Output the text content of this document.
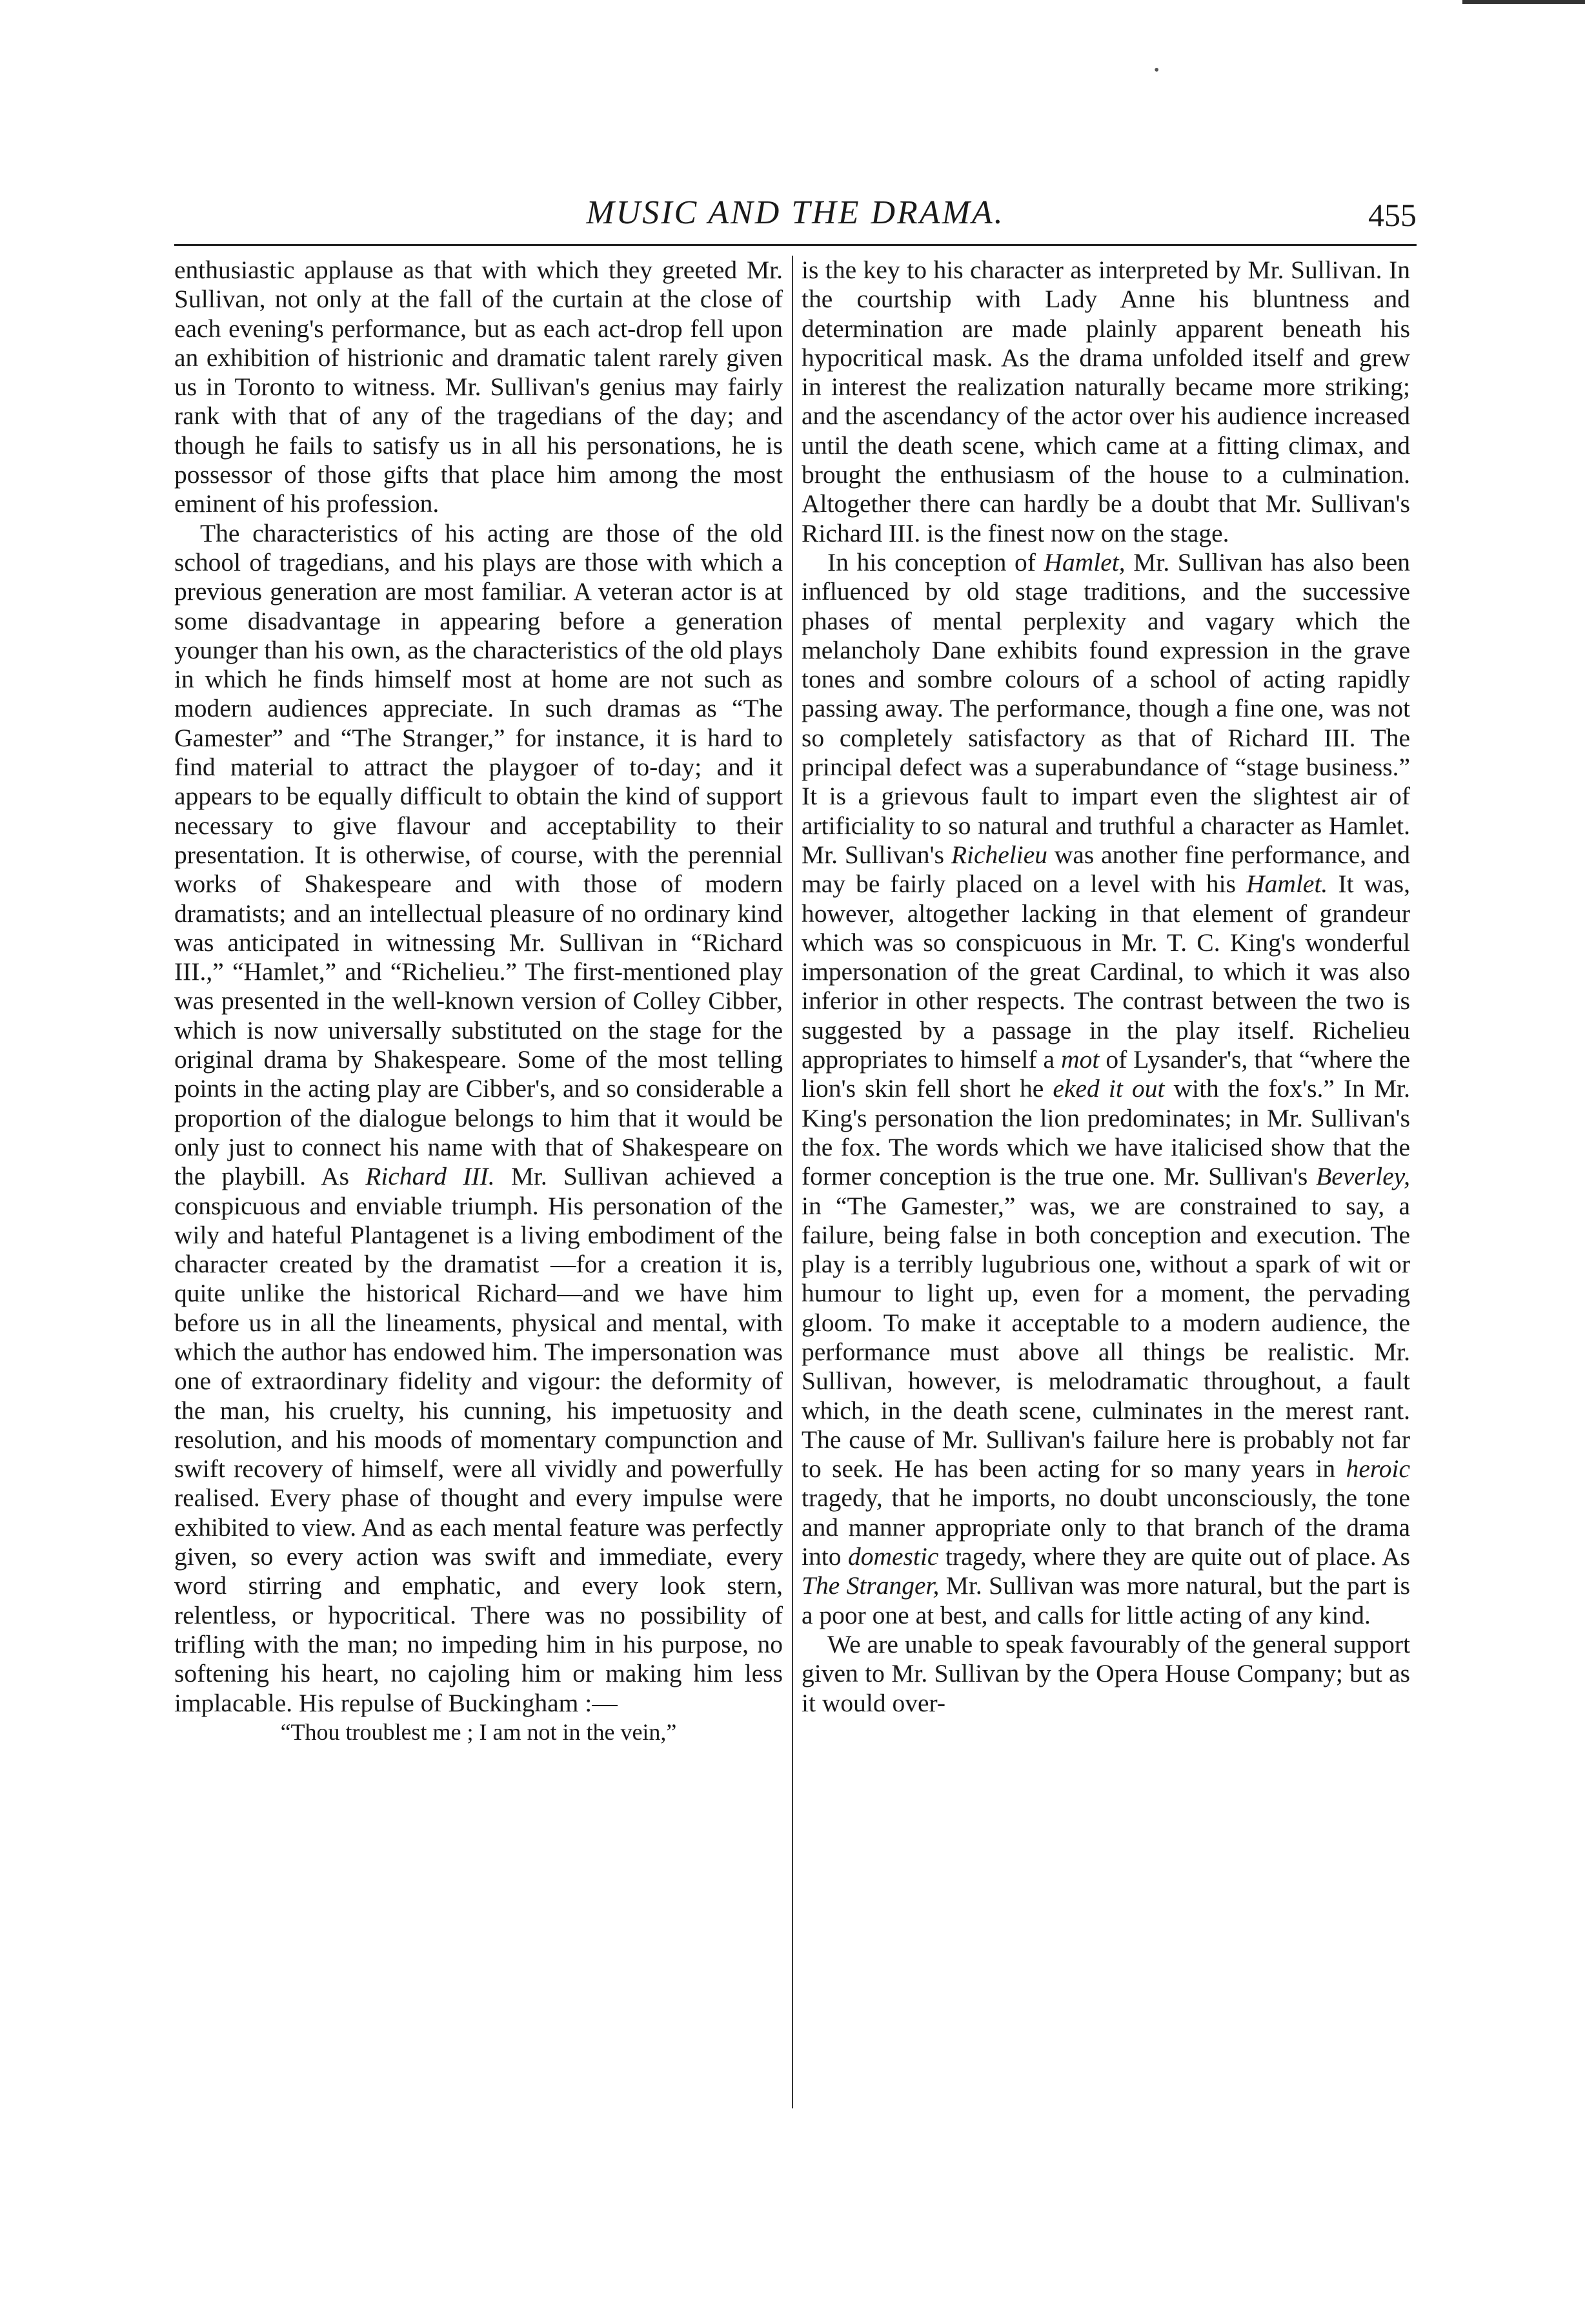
•
MUSIC AND THE DRAMA.	455

enthusiastic applause as that with which they greeted Mr. Sullivan, not only at the fall of the curtain at the close of each evening's performance, but as each act-drop fell upon an exhibition of histrionic and dramatic talent rarely given us in Toronto to witness. Mr. Sullivan's genius may fairly rank with that of any of the tragedians of the day; and though he fails to satisfy us in all his personations, he is possessor of those gifts that place him among the most eminent of his profession.

The characteristics of his acting are those of the old school of tragedians, and his plays are those with which a previous generation are most familiar. A veteran actor is at some disadvantage in appearing before a generation younger than his own, as the characteristics of the old plays in which he finds himself most at home are not such as modern audiences appreciate. In such dramas as “The Gamester” and “The Stranger,” for instance, it is hard to find material to attract the playgoer of to-day; and it appears to be equally difficult to obtain the kind of support necessary to give flavour and acceptability to their presentation. It is otherwise, of course, with the perennial works of Shakespeare and with those of modern dramatists; and an intellectual pleasure of no ordinary kind was anticipated in witnessing Mr. Sullivan in “Richard III.,” “Hamlet,” and “Richelieu.” The first-mentioned play was presented in the well-known version of Colley Cibber, which is now universally substituted on the stage for the original drama by Shakespeare. Some of the most telling points in the acting play are Cibber's, and so considerable a proportion of the dialogue belongs to him that it would be only just to connect his name with that of Shakespeare on the playbill. As Richard III. Mr. Sullivan achieved a conspicuous and enviable triumph. His personation of the wily and hateful Plantagenet is a living embodiment of the character created by the dramatist —for a creation it is, quite unlike the historical Richard—and we have him before us in all the lineaments, physical and mental, with which the author has endowed him. The impersonation was one of extraordinary fidelity and vigour: the deformity of the man, his cruelty, his cunning, his impetuosity and resolution, and his moods of momentary compunction and swift recovery of himself, were all vividly and powerfully realised. Every phase of thought and every impulse were exhibited to view. And as each mental feature was perfectly given, so every action was swift and immediate, every word stirring and emphatic, and every look stern, relentless, or hypocritical. There was no possibility of trifling with the man; no impeding him in his purpose, no softening his heart, no cajoling him or making him less implacable. His repulse of Buckingham :—

“Thou troublest me ; I am not in the vein,”

is the key to his character as interpreted by Mr. Sullivan. In the courtship with Lady Anne his bluntness and determination are made plainly apparent beneath his hypocritical mask. As the drama unfolded itself and grew in interest the realization naturally became more striking; and the ascendancy of the actor over his audience increased until the death scene, which came at a fitting climax, and brought the enthusiasm of the house to a culmination. Altogether there can hardly be a doubt that Mr. Sullivan's Richard III. is the finest now on the stage.

In his conception of Hamlet, Mr. Sullivan has also been influenced by old stage traditions, and the successive phases of mental perplexity and vagary which the melancholy Dane exhibits found expression in the grave tones and sombre colours of a school of acting rapidly passing away. The performance, though a fine one, was not so completely satisfactory as that of Richard III. The principal defect was a superabundance of “stage business.” It is a grievous fault to impart even the slightest air of artificiality to so natural and truthful a character as Hamlet. Mr. Sullivan's Richelieu was another fine performance, and may be fairly placed on a level with his Hamlet. It was, however, altogether lacking in that element of grandeur which was so conspicuous in Mr. T. C. King's wonderful impersonation of the great Cardinal, to which it was also inferior in other respects. The contrast between the two is suggested by a passage in the play itself. Richelieu appropriates to himself a mot of Lysander's, that “where the lion's skin fell short he eked it out with the fox's.” In Mr. King's personation the lion predominates; in Mr. Sullivan's the fox. The words which we have italicised show that the former conception is the true one. Mr. Sullivan's Beverley, in “The Gamester,” was, we are constrained to say, a failure, being false in both conception and execution. The play is a terribly lugubrious one, without a spark of wit or humour to light up, even for a moment, the pervading gloom. To make it acceptable to a modern audience, the performance must above all things be realistic. Mr. Sullivan, however, is melodramatic throughout, a fault which, in the death scene, culminates in the merest rant. The cause of Mr. Sullivan's failure here is probably not far to seek. He has been acting for so many years in heroic tragedy, that he imports, no doubt unconsciously, the tone and manner appropriate only to that branch of the drama into domestic tragedy, where they are quite out of place. As The Stranger, Mr. Sullivan was more natural, but the part is a poor one at best, and calls for little acting of any kind.

We are unable to speak favourably of the general support given to Mr. Sullivan by the Opera House Company; but as it would over-
